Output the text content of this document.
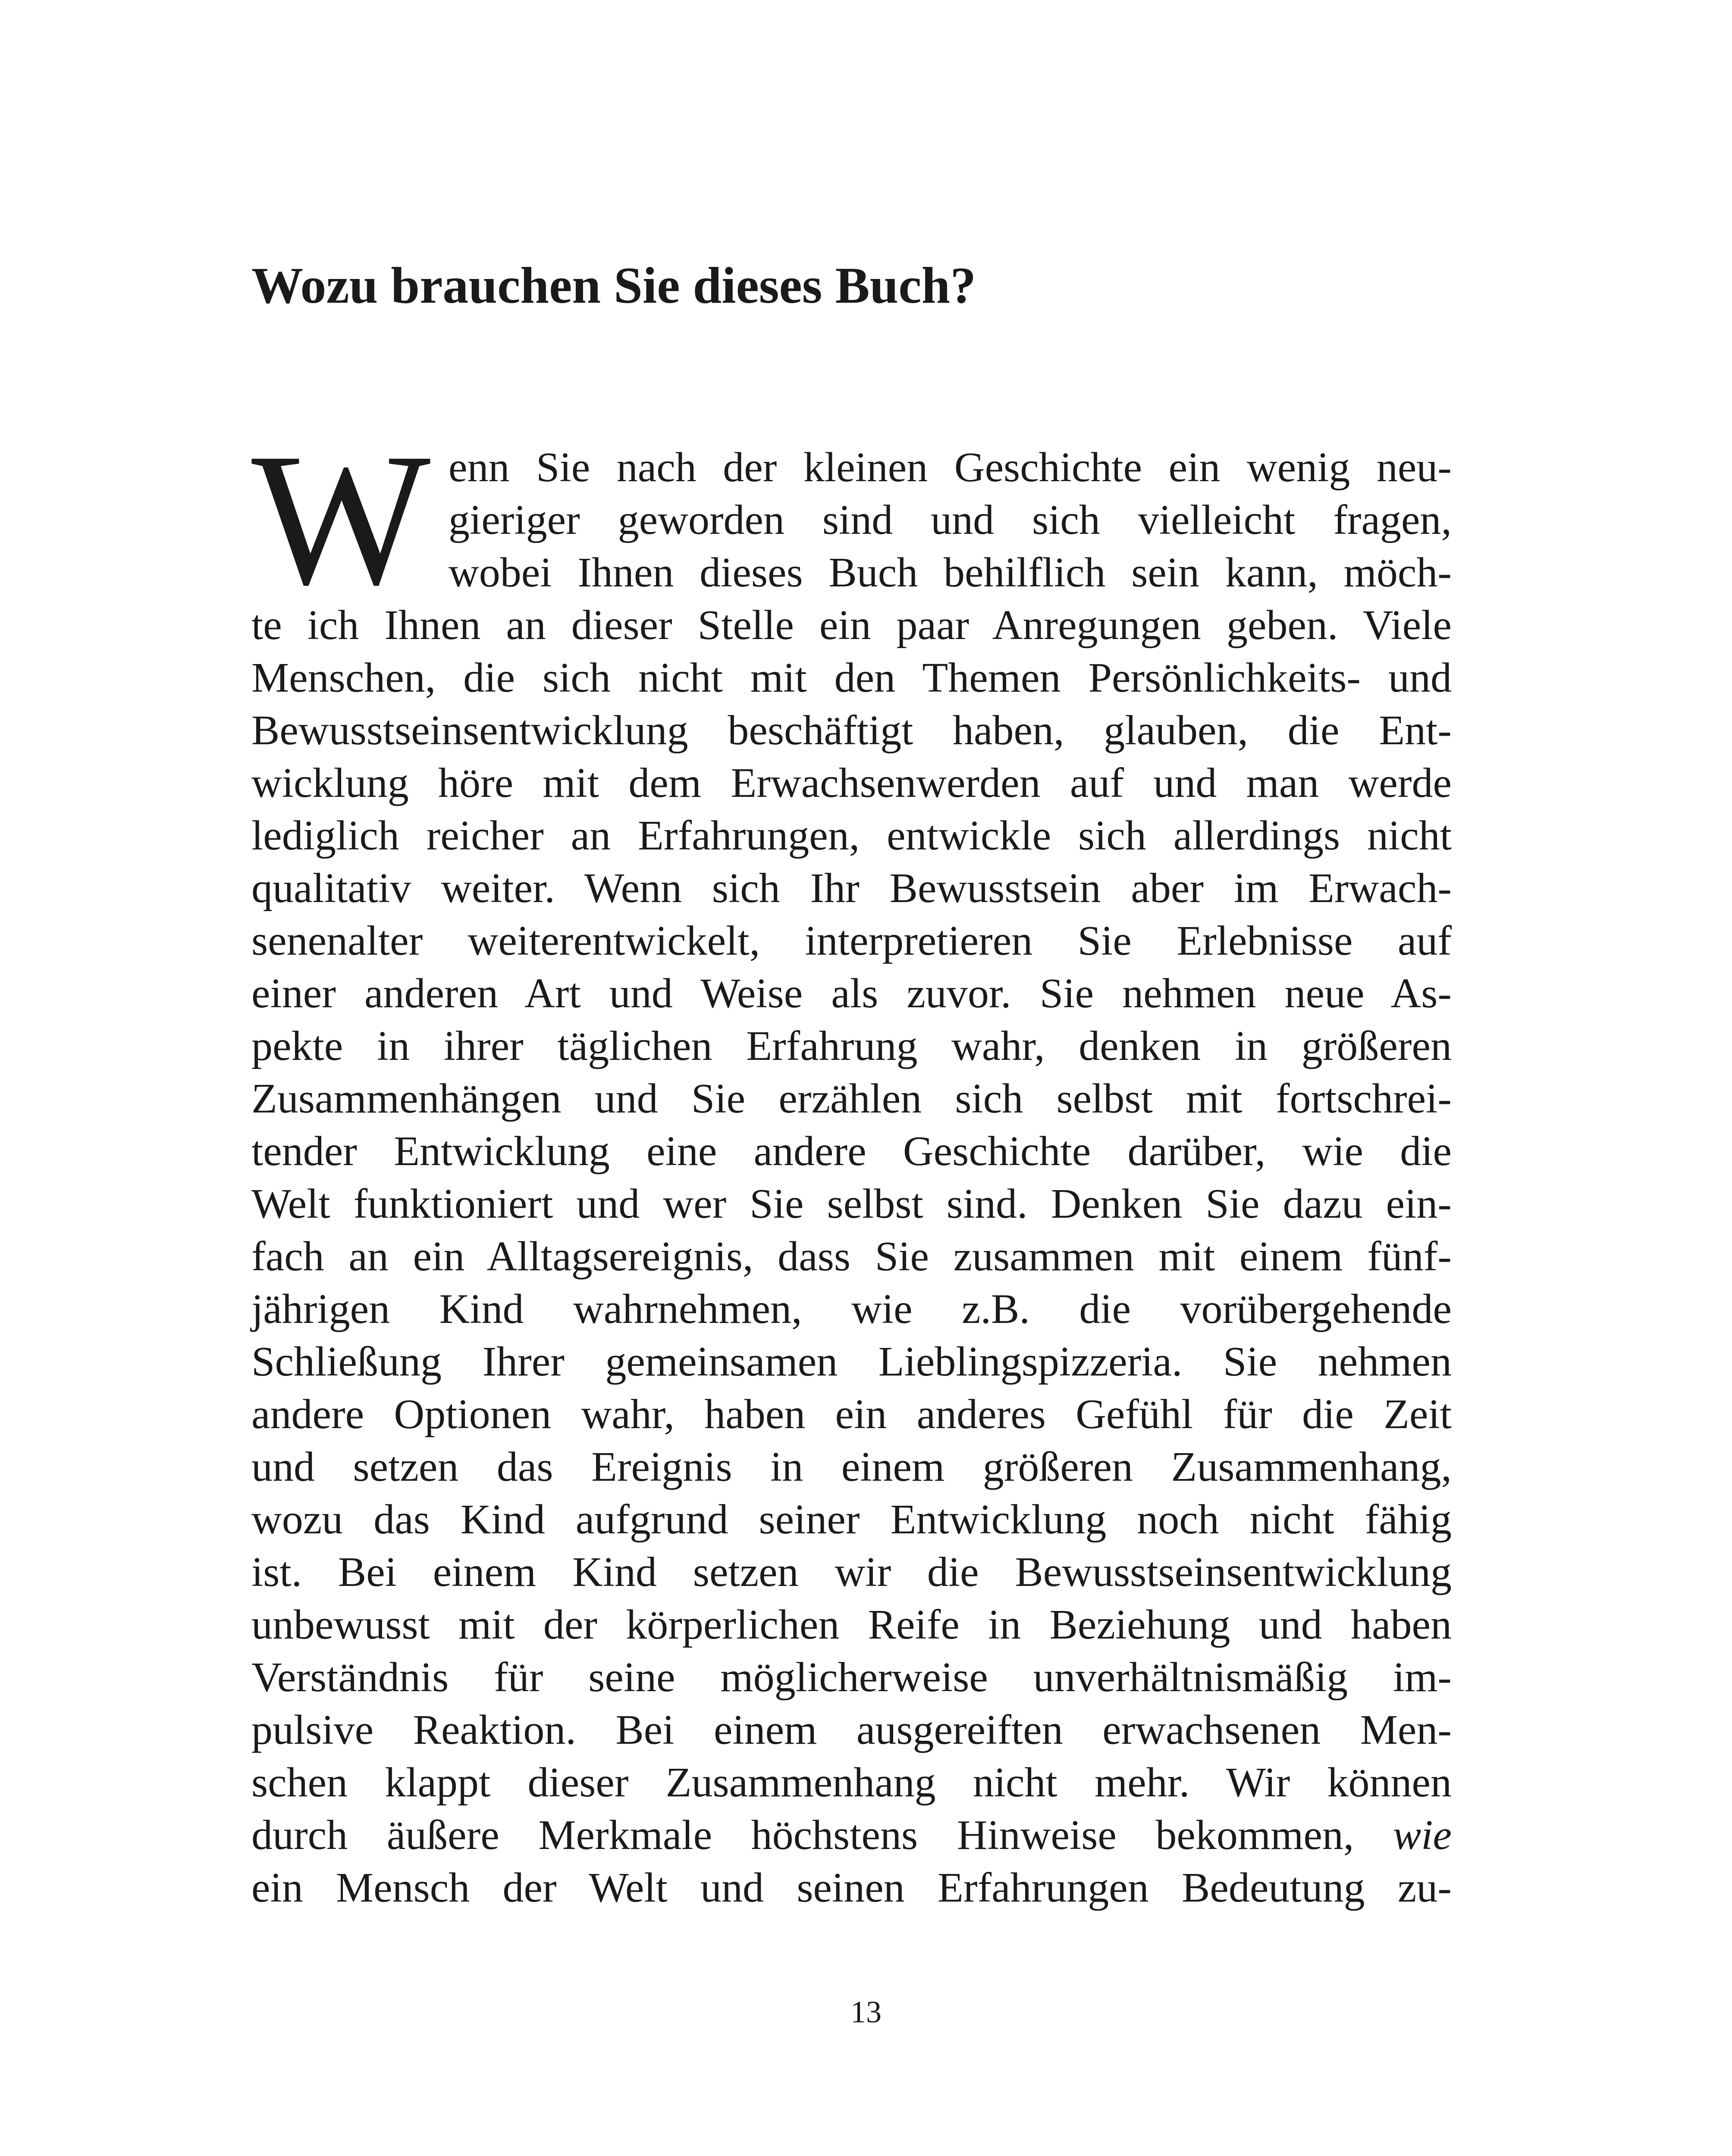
Wozu brauchen Sie dieses Buch?
W enn Sie nach der kleinen Geschichte ein wenig neu-
gieriger geworden sind und sich vielleicht fragen,
wobei Ihnen dieses Buch behilflich sein kann, möch-
te ich Ihnen an dieser Stelle ein paar Anregungen geben. Viele
Menschen, die sich nicht mit den Themen Persönlichkeits- und
Bewusstseinsentwicklung beschäftigt haben, glauben, die Ent-
wicklung höre mit dem Erwachsenwerden auf und man werde
lediglich reicher an Erfahrungen, entwickle sich allerdings nicht
qualitativ weiter. Wenn sich Ihr Bewusstsein aber im Erwach-
senenalter weiterentwickelt, interpretieren Sie Erlebnisse auf
einer anderen Art und Weise als zuvor. Sie nehmen neue As-
pekte in ihrer täglichen Erfahrung wahr, denken in größeren
Zusammenhängen und Sie erzählen sich selbst mit fortschrei-
tender Entwicklung eine andere Geschichte darüber, wie die
Welt funktioniert und wer Sie selbst sind. Denken Sie dazu ein-
fach an ein Alltagsereignis, dass Sie zusammen mit einem fünf-
jährigen Kind wahrnehmen, wie z.B. die vorübergehende
Schließung Ihrer gemeinsamen Lieblingspizzeria. Sie nehmen
andere Optionen wahr, haben ein anderes Gefühl für die Zeit
und setzen das Ereignis in einem größeren Zusammenhang,
wozu das Kind aufgrund seiner Entwicklung noch nicht fähig
ist. Bei einem Kind setzen wir die Bewusstseinsentwicklung
unbewusst mit der körperlichen Reife in Beziehung und haben
Verständnis für seine möglicherweise unverhältnismäßig im-
pulsive Reaktion. Bei einem ausgereiften erwachsenen Men-
schen klappt dieser Zusammenhang nicht mehr. Wir können
durch äußere Merkmale höchstens Hinweise bekommen, wie
ein Mensch der Welt und seinen Erfahrungen Bedeutung zu-
13
